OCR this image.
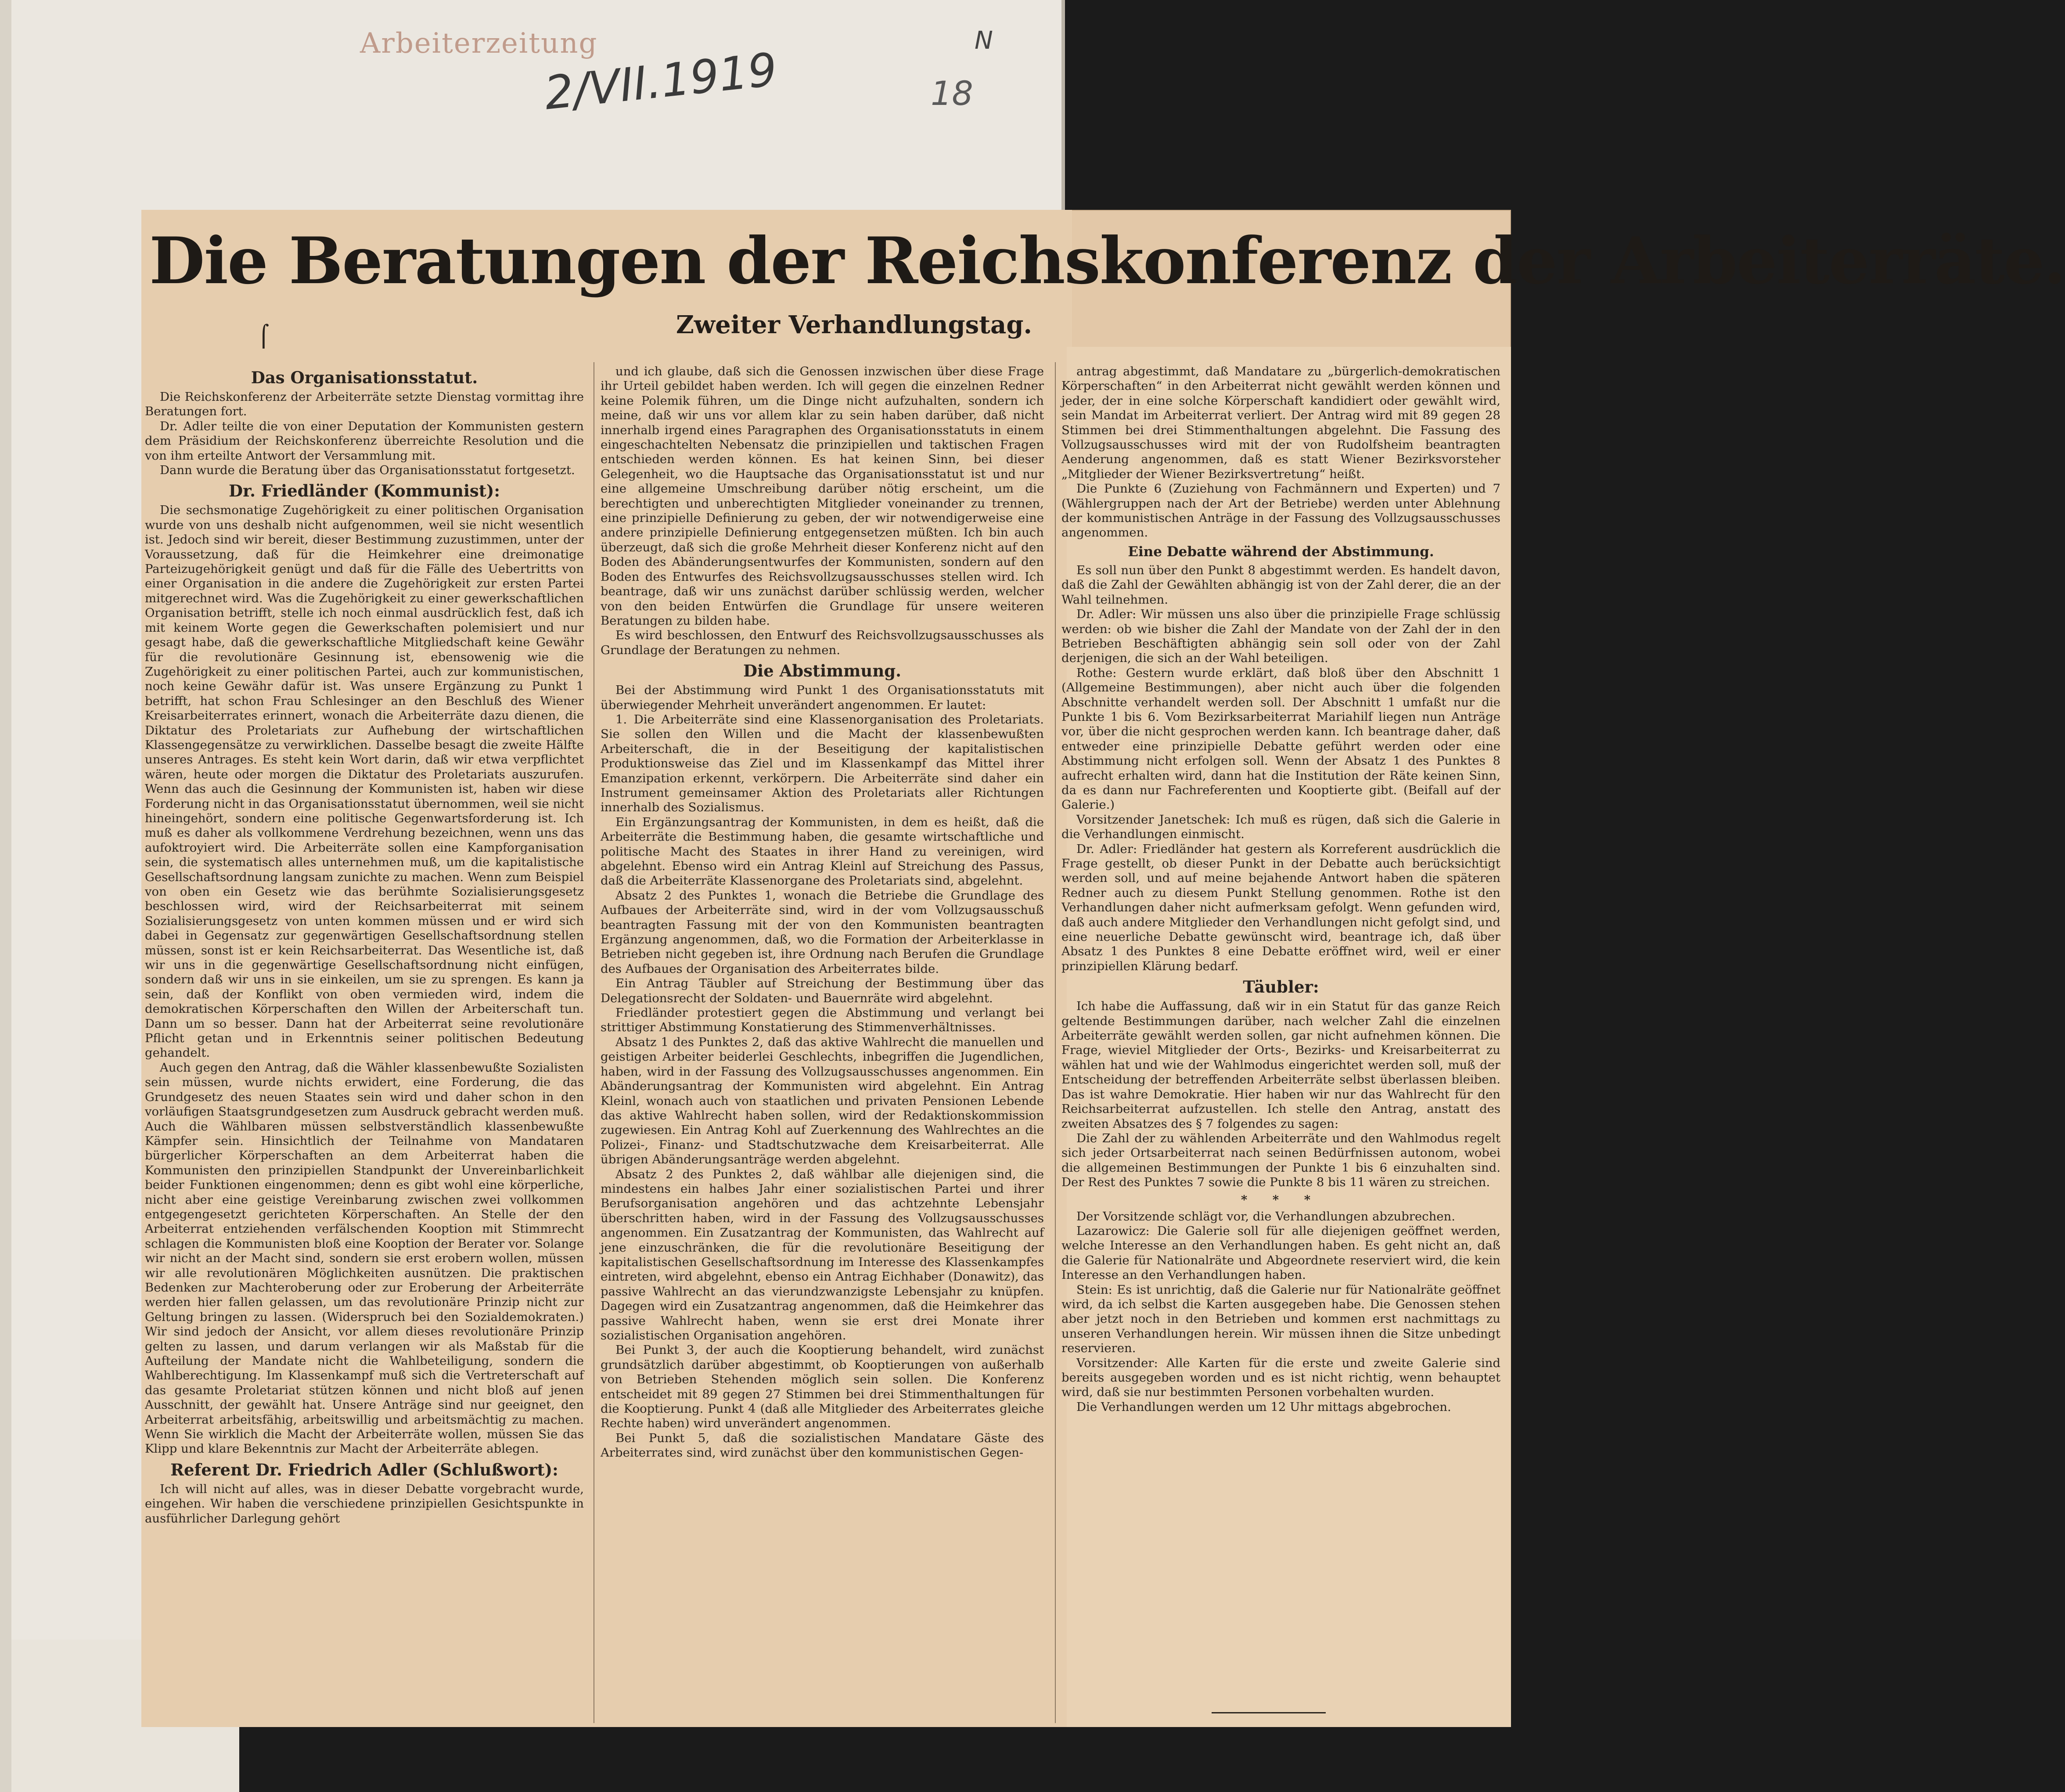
Arbeiterzeitung
2/VII.1919	18
N
Die Beratungen der Reichskonferenz der Arbeiterräte.
Zweiter Verhandlungstag.
⌠

Das Organisationsstatut.

Die Reichskonferenz der Arbeiterräte setzte Dienstag vormittag ihre Beratungen fort.

Dr. Adler teilte die von einer Deputation der Kommunisten gestern dem Präsidium der Reichskonferenz überreichte Resolution und die von ihm erteilte Antwort der Versammlung mit.

Dann wurde die Beratung über das Organisationsstatut fortgesetzt.

Dr. Friedländer (Kommunist):

Die sechsmonatige Zugehörigkeit zu einer politischen Organisation wurde von uns deshalb nicht aufgenommen, weil sie nicht wesentlich ist. Jedoch sind wir bereit, dieser Bestimmung zuzustimmen, unter der Voraussetzung, daß für die Heimkehrer eine dreimonatige Parteizugehörigkeit genügt und daß für die Fälle des Uebertritts von einer Organisation in die andere die Zugehörigkeit zur ersten Partei mitgerechnet wird. Was die Zugehörigkeit zu einer gewerkschaftlichen Organisation betrifft, stelle ich noch einmal ausdrücklich fest, daß ich mit keinem Worte gegen die Gewerkschaften polemisiert und nur gesagt habe, daß die gewerkschaftliche Mitgliedschaft keine Gewähr für die revolutionäre Gesinnung ist, ebensowenig wie die Zugehörigkeit zu einer politischen Partei, auch zur kommunistischen, noch keine Gewähr dafür ist. Was unsere Ergänzung zu Punkt 1 betrifft, hat schon Frau Schlesinger an den Beschluß des Wiener Kreisarbeiterrates erinnert, wonach die Arbeiterräte dazu dienen, die Diktatur des Proletariats zur Aufhebung der wirtschaftlichen Klassengegensätze zu verwirklichen. Dasselbe besagt die zweite Hälfte unseres Antrages. Es steht kein Wort darin, daß wir etwa verpflichtet wären, heute oder morgen die Diktatur des Proletariats auszurufen. Wenn das auch die Gesinnung der Kommunisten ist, haben wir diese Forderung nicht in das Organisationsstatut übernommen, weil sie nicht hineingehört, sondern eine politische Gegenwartsforderung ist. Ich muß es daher als vollkommene Verdrehung bezeichnen, wenn uns das aufoktroyiert wird. Die Arbeiterräte sollen eine Kampforganisation sein, die systematisch alles unternehmen muß, um die kapitalistische Gesellschaftsordnung langsam zunichte zu machen. Wenn zum Beispiel von oben ein Gesetz wie das berühmte Sozialisierungsgesetz beschlossen wird, wird der Reichsarbeiterrat mit seinem Sozialisierungsgesetz von unten kommen müssen und er wird sich dabei in Gegensatz zur gegenwärtigen Gesellschaftsordnung stellen müssen, sonst ist er kein Reichsarbeiterrat. Das Wesentliche ist, daß wir uns in die gegenwärtige Gesellschaftsordnung nicht einfügen, sondern daß wir uns in sie einkeilen, um sie zu sprengen. Es kann ja sein, daß der Konflikt von oben vermieden wird, indem die demokratischen Körperschaften den Willen der Arbeiterschaft tun. Dann um so besser. Dann hat der Arbeiterrat seine revolutionäre Pflicht getan und in Erkenntnis seiner politischen Bedeutung gehandelt.

Auch gegen den Antrag, daß die Wähler klassenbewußte Sozialisten sein müssen, wurde nichts erwidert, eine Forderung, die das Grundgesetz des neuen Staates sein wird und daher schon in den vorläufigen Staatsgrundgesetzen zum Ausdruck gebracht werden muß. Auch die Wählbaren müssen selbstverständlich klassenbewußte Kämpfer sein. Hinsichtlich der Teilnahme von Mandataren bürgerlicher Körperschaften an dem Arbeiterrat haben die Kommunisten den prinzipiellen Standpunkt der Unvereinbarlichkeit beider Funktionen eingenommen; denn es gibt wohl eine körperliche, nicht aber eine geistige Vereinbarung zwischen zwei vollkommen entgegengesetzt gerichteten Körperschaften. An Stelle der den Arbeiterrat entziehenden verfälschenden Kooption mit Stimmrecht schlagen die Kommunisten bloß eine Kooption der Berater vor. Solange wir nicht an der Macht sind, sondern sie erst erobern wollen, müssen wir alle revolutionären Möglichkeiten ausnützen. Die praktischen Bedenken zur Machteroberung oder zur Eroberung der Arbeiterräte werden hier fallen gelassen, um das revolutionäre Prinzip nicht zur Geltung bringen zu lassen. (Widerspruch bei den Sozialdemokraten.) Wir sind jedoch der Ansicht, vor allem dieses revolutionäre Prinzip gelten zu lassen, und darum verlangen wir als Maßstab für die Aufteilung der Mandate nicht die Wahlbeteiligung, sondern die Wahlberechtigung. Im Klassenkampf muß sich die Vertreterschaft auf das gesamte Proletariat stützen können und nicht bloß auf jenen Ausschnitt, der gewählt hat. Unsere Anträge sind nur geeignet, den Arbeiterrat arbeitsfähig, arbeitswillig und arbeitsmächtig zu machen. Wenn Sie wirklich die Macht der Arbeiterräte wollen, müssen Sie das Klipp und klare Bekenntnis zur Macht der Arbeiterräte ablegen.

Referent Dr. Friedrich Adler (Schlußwort):

Ich will nicht auf alles, was in dieser Debatte vorgebracht wurde, eingehen. Wir haben die verschiedene prinzipiellen Gesichtspunkte in ausführlicher Darlegung gehört

und ich glaube, daß sich die Genossen inzwischen über diese Frage ihr Urteil gebildet haben werden. Ich will gegen die einzelnen Redner keine Polemik führen, um die Dinge nicht aufzuhalten, sondern ich meine, daß wir uns vor allem klar zu sein haben darüber, daß nicht innerhalb irgend eines Paragraphen des Organisationsstatuts in einem eingeschachtelten Nebensatz die prinzipiellen und taktischen Fragen entschieden werden können. Es hat keinen Sinn, bei dieser Gelegenheit, wo die Hauptsache das Organisationsstatut ist und nur eine allgemeine Umschreibung darüber nötig erscheint, um die berechtigten und unberechtigten Mitglieder voneinander zu trennen, eine prinzipielle Definierung zu geben, der wir notwendigerweise eine andere prinzipielle Definierung entgegensetzen müßten. Ich bin auch überzeugt, daß sich die große Mehrheit dieser Konferenz nicht auf den Boden des Abänderungsentwurfes der Kommunisten, sondern auf den Boden des Entwurfes des Reichsvollzugsausschusses stellen wird. Ich beantrage, daß wir uns zunächst darüber schlüssig werden, welcher von den beiden Entwürfen die Grundlage für unsere weiteren Beratungen zu bilden habe.

Es wird beschlossen, den Entwurf des Reichsvollzugsausschusses als Grundlage der Beratungen zu nehmen.

Die Abstimmung.

Bei der Abstimmung wird Punkt 1 des Organisationsstatuts mit überwiegender Mehrheit unverändert angenommen. Er lautet:

1. Die Arbeiterräte sind eine Klassenorganisation des Proletariats. Sie sollen den Willen und die Macht der klassenbewußten Arbeiterschaft, die in der Beseitigung der kapitalistischen Produktionsweise das Ziel und im Klassenkampf das Mittel ihrer Emanzipation erkennt, verkörpern. Die Arbeiterräte sind daher ein Instrument gemeinsamer Aktion des Proletariats aller Richtungen innerhalb des Sozialismus.

Ein Ergänzungsantrag der Kommunisten, in dem es heißt, daß die Arbeiterräte die Bestimmung haben, die gesamte wirtschaftliche und politische Macht des Staates in ihrer Hand zu vereinigen, wird abgelehnt. Ebenso wird ein Antrag Kleinl auf Streichung des Passus, daß die Arbeiterräte Klassenorgane des Proletariats sind, abgelehnt.

Absatz 2 des Punktes 1, wonach die Betriebe die Grundlage des Aufbaues der Arbeiterräte sind, wird in der vom Vollzugsausschuß beantragten Fassung mit der von den Kommunisten beantragten Ergänzung angenommen, daß, wo die Formation der Arbeiterklasse in Betrieben nicht gegeben ist, ihre Ordnung nach Berufen die Grundlage des Aufbaues der Organisation des Arbeiterrates bilde.

Ein Antrag Täubler auf Streichung der Bestimmung über das Delegationsrecht der Soldaten- und Bauernräte wird abgelehnt.

Friedländer protestiert gegen die Abstimmung und verlangt bei strittiger Abstimmung Konstatierung des Stimmenverhältnisses.

Absatz 1 des Punktes 2, daß das aktive Wahlrecht die manuellen und geistigen Arbeiter beiderlei Geschlechts, inbegriffen die Jugendlichen, haben, wird in der Fassung des Vollzugsausschusses angenommen. Ein Abänderungsantrag der Kommunisten wird abgelehnt. Ein Antrag Kleinl, wonach auch von staatlichen und privaten Pensionen Lebende das aktive Wahlrecht haben sollen, wird der Redaktionskommission zugewiesen. Ein Antrag Kohl auf Zuerkennung des Wahlrechtes an die Polizei-, Finanz- und Stadtschutzwache dem Kreisarbeiterrat. Alle übrigen Abänderungsanträge werden abgelehnt.

Absatz 2 des Punktes 2, daß wählbar alle diejenigen sind, die mindestens ein halbes Jahr einer sozialistischen Partei und ihrer Berufsorganisation angehören und das achtzehnte Lebensjahr überschritten haben, wird in der Fassung des Vollzugsausschusses angenommen. Ein Zusatzantrag der Kommunisten, das Wahlrecht auf jene einzuschränken, die für die revolutionäre Beseitigung der kapitalistischen Gesellschaftsordnung im Interesse des Klassenkampfes eintreten, wird abgelehnt, ebenso ein Antrag Eichhaber (Donawitz), das passive Wahlrecht an das vierundzwanzigste Lebensjahr zu knüpfen. Dagegen wird ein Zusatzantrag angenommen, daß die Heimkehrer das passive Wahlrecht haben, wenn sie erst drei Monate ihrer sozialistischen Organisation angehören.

Bei Punkt 3, der auch die Kooptierung behandelt, wird zunächst grundsätzlich darüber abgestimmt, ob Kooptierungen von außerhalb von Betrieben Stehenden möglich sein sollen. Die Konferenz entscheidet mit 89 gegen 27 Stimmen bei drei Stimmenthaltungen für die Kooptierung. Punkt 4 (daß alle Mitglieder des Arbeiterrates gleiche Rechte haben) wird unverändert angenommen.

Bei Punkt 5, daß die sozialistischen Mandatare Gäste des Arbeiterrates sind, wird zunächst über den kommunistischen Gegen-

antrag abgestimmt, daß Mandatare zu „bürgerlich-demokratischen Körperschaften“ in den Arbeiterrat nicht gewählt werden können und jeder, der in eine solche Körperschaft kandidiert oder gewählt wird, sein Mandat im Arbeiterrat verliert. Der Antrag wird mit 89 gegen 28 Stimmen bei drei Stimmenthaltungen abgelehnt. Die Fassung des Vollzugsausschusses wird mit der von Rudolfsheim beantragten Aenderung angenommen, daß es statt Wiener Bezirksvorsteher „Mitglieder der Wiener Bezirksvertretung“ heißt.

Die Punkte 6 (Zuziehung von Fachmännern und Experten) und 7 (Wählergruppen nach der Art der Betriebe) werden unter Ablehnung der kommunistischen Anträge in der Fassung des Vollzugsausschusses angenommen.

Eine Debatte während der Abstimmung.

Es soll nun über den Punkt 8 abgestimmt werden. Es handelt davon, daß die Zahl der Gewählten abhängig ist von der Zahl derer, die an der Wahl teilnehmen.

Dr. Adler: Wir müssen uns also über die prinzipielle Frage schlüssig werden: ob wie bisher die Zahl der Mandate von der Zahl der in den Betrieben Beschäftigten abhängig sein soll oder von der Zahl derjenigen, die sich an der Wahl beteiligen.

Rothe: Gestern wurde erklärt, daß bloß über den Abschnitt 1 (Allgemeine Bestimmungen), aber nicht auch über die folgenden Abschnitte verhandelt werden soll. Der Abschnitt 1 umfaßt nur die Punkte 1 bis 6. Vom Bezirksarbeiterrat Mariahilf liegen nun Anträge vor, über die nicht gesprochen werden kann. Ich beantrage daher, daß entweder eine prinzipielle Debatte geführt werden oder eine Abstimmung nicht erfolgen soll. Wenn der Absatz 1 des Punktes 8 aufrecht erhalten wird, dann hat die Institution der Räte keinen Sinn, da es dann nur Fachreferenten und Kooptierte gibt. (Beifall auf der Galerie.)

Vorsitzender Janetschek: Ich muß es rügen, daß sich die Galerie in die Verhandlungen einmischt.

Dr. Adler: Friedländer hat gestern als Korreferent ausdrücklich die Frage gestellt, ob dieser Punkt in der Debatte auch berücksichtigt werden soll, und auf meine bejahende Antwort haben die späteren Redner auch zu diesem Punkt Stellung genommen. Rothe ist den Verhandlungen daher nicht aufmerksam gefolgt. Wenn gefunden wird, daß auch andere Mitglieder den Verhandlungen nicht gefolgt sind, und eine neuerliche Debatte gewünscht wird, beantrage ich, daß über Absatz 1 des Punktes 8 eine Debatte eröffnet wird, weil er einer prinzipiellen Klärung bedarf.

Täubler:

Ich habe die Auffassung, daß wir in ein Statut für das ganze Reich geltende Bestimmungen darüber, nach welcher Zahl die einzelnen Arbeiterräte gewählt werden sollen, gar nicht aufnehmen können. Die Frage, wieviel Mitglieder der Orts-, Bezirks- und Kreisarbeiterrat zu wählen hat und wie der Wahlmodus eingerichtet werden soll, muß der Entscheidung der betreffenden Arbeiterräte selbst überlassen bleiben. Das ist wahre Demokratie. Hier haben wir nur das Wahlrecht für den Reichsarbeiterrat aufzustellen. Ich stelle den Antrag, anstatt des zweiten Absatzes des § 7 folgendes zu sagen:

Die Zahl der zu wählenden Arbeiterräte und den Wahlmodus regelt sich jeder Ortsarbeiterrat nach seinen Bedürfnissen autonom, wobei die allgemeinen Bestimmungen der Punkte 1 bis 6 einzuhalten sind. Der Rest des Punktes 7 sowie die Punkte 8 bis 11 wären zu streichen.

* * *

Der Vorsitzende schlägt vor, die Verhandlungen abzubrechen.

Lazarowicz: Die Galerie soll für alle diejenigen geöffnet werden, welche Interesse an den Verhandlungen haben. Es geht nicht an, daß die Galerie für Nationalräte und Abgeordnete reserviert wird, die kein Interesse an den Verhandlungen haben.

Stein: Es ist unrichtig, daß die Galerie nur für Nationalräte geöffnet wird, da ich selbst die Karten ausgegeben habe. Die Genossen stehen aber jetzt noch in den Betrieben und kommen erst nachmittags zu unseren Verhandlungen herein. Wir müssen ihnen die Sitze unbedingt reservieren.

Vorsitzender: Alle Karten für die erste und zweite Galerie sind bereits ausgegeben worden und es ist nicht richtig, wenn behauptet wird, daß sie nur bestimmten Personen vorbehalten wurden.

Die Verhandlungen werden um 12 Uhr mittags abgebrochen.
